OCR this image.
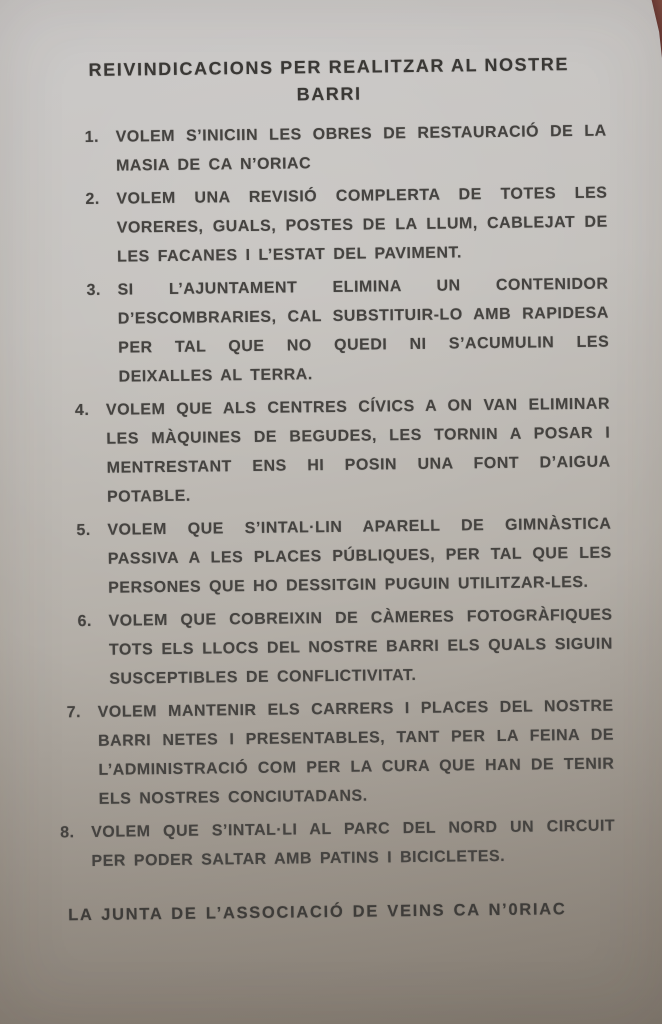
REIVINDICACIONS PER REALITZAR AL NOSTRE BARRI
1.	VOLEM S’INICIIN LES OBRES DE RESTAURACIÓ DE LA MASIA DE CA N’ORIAC
2.	VOLEM UNA REVISIÓ COMPLERTA DE TOTES LES VORERES, GUALS, POSTES DE LA LLUM, CABLEJAT DE LES FACANES I L’ESTAT DEL PAVIMENT.
3.	SI L’AJUNTAMENT ELIMINA UN CONTENIDOR D’ESCOMBRARIES, CAL SUBSTITUIR-LO AMB RAPIDESA PER TAL QUE NO QUEDI NI S’ACUMULIN LES DEIXALLES AL TERRA.
4.	VOLEM QUE ALS CENTRES CÍVICS A ON VAN ELIMINAR LES MÀQUINES DE BEGUDES, LES TORNIN A POSAR I MENTRESTANT ENS HI POSIN UNA FONT D’AIGUA POTABLE.
5.	VOLEM QUE S’INTAL·LIN APARELL DE GIMNÀSTICA PASSIVA A LES PLACES PÚBLIQUES, PER TAL QUE LES PERSONES QUE HO DESSITGIN PUGUIN UTILITZAR-LES.
6.	VOLEM QUE COBREIXIN DE CÀMERES FOTOGRÀFIQUES TOTS ELS LLOCS DEL NOSTRE BARRI ELS QUALS SIGUIN SUSCEPTIBLES DE CONFLICTIVITAT.
7.	VOLEM MANTENIR ELS CARRERS I PLACES DEL NOSTRE BARRI NETES I PRESENTABLES, TANT PER LA FEINA DE L’ADMINISTRACIÓ COM PER LA CURA QUE HAN DE TENIR ELS NOSTRES CONCIUTADANS.
8.	VOLEM QUE S’INTAL·LI AL PARC DEL NORD UN CIRCUIT PER PODER SALTAR AMB PATINS I BICICLETES.

LA JUNTA DE L’ASSOCIACIÓ DE VEINS CA N’0RIAC
